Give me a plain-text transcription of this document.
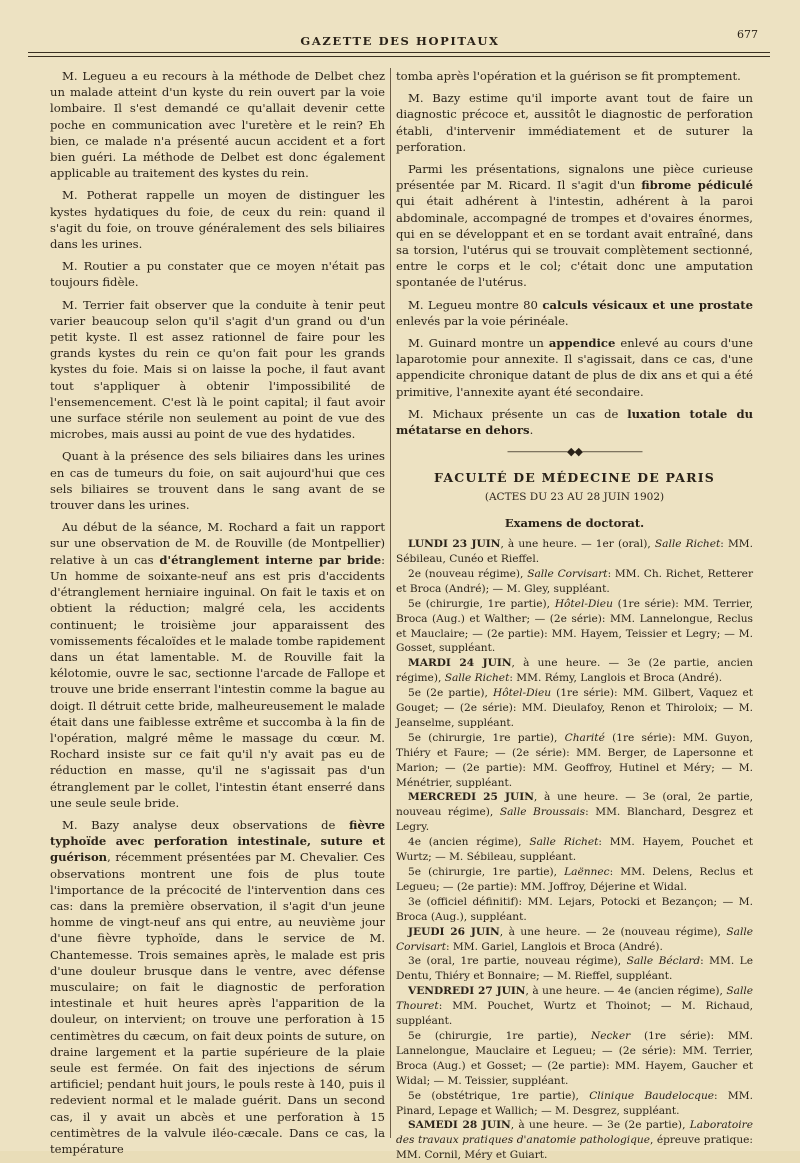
GAZETTE DES HOPITAUX	677

M. Legueu a eu recours à la méthode de Delbet chez un malade atteint d'un kyste du rein ouvert par la voie lombaire. Il s'est demandé ce qu'allait devenir cette poche en communication avec l'uretère et le rein? Eh bien, ce malade n'a présenté aucun accident et a fort bien guéri. La méthode de Delbet est donc également applicable au traitement des kystes du rein.

M. Potherat rappelle un moyen de distinguer les kystes hydatiques du foie, de ceux du rein: quand il s'agit du foie, on trouve généralement des sels biliaires dans les urines.

M. Routier a pu constater que ce moyen n'était pas toujours fidèle.

M. Terrier fait observer que la conduite à tenir peut varier beaucoup selon qu'il s'agit d'un grand ou d'un petit kyste. Il est assez rationnel de faire pour les grands kystes du rein ce qu'on fait pour les grands kystes du foie. Mais si on laisse la poche, il faut avant tout s'appliquer à obtenir l'impossibilité de l'ensemencement. C'est là le point capital; il faut avoir une surface stérile non seulement au point de vue des microbes, mais aussi au point de vue des hydatides.

Quant à la présence des sels biliaires dans les urines en cas de tumeurs du foie, on sait aujourd'hui que ces sels biliaires se trouvent dans le sang avant de se trouver dans les urines.

Au début de la séance, M. Rochard a fait un rapport sur une observation de M. de Rouville (de Montpellier) relative à un cas d'étranglement interne par bride: Un homme de soixante-neuf ans est pris d'accidents d'étranglement herniaire inguinal. On fait le taxis et on obtient la réduction; malgré cela, les accidents continuent; le troisième jour apparaissent des vomissements fécaloïdes et le malade tombe rapidement dans un état lamentable. M. de Rouville fait la kélotomie, ouvre le sac, sectionne l'arcade de Fallope et trouve une bride enserrant l'intestin comme la bague au doigt. Il détruit cette bride, malheureusement le malade était dans une faiblesse extrême et succomba à la fin de l'opération, malgré même le massage du cœur. M. Rochard insiste sur ce fait qu'il n'y avait pas eu de réduction en masse, qu'il ne s'agissait pas d'un étranglement par le collet, l'intestin étant enserré dans une seule seule bride.

M. Bazy analyse deux observations de fièvre typhoïde avec perforation intestinale, suture et guérison, récemment présentées par M. Chevalier. Ces observations montrent une fois de plus toute l'importance de la précocité de l'intervention dans ces cas: dans la première observation, il s'agit d'un jeune homme de vingt-neuf ans qui entre, au neuvième jour d'une fièvre typhoïde, dans le service de M. Chantemesse. Trois semaines après, le malade est pris d'une douleur brusque dans le ventre, avec défense musculaire; on fait le diagnostic de perforation intestinale et huit heures après l'apparition de la douleur, on intervient; on trouve une perforation à 15 centimètres du cæcum, on fait deux points de suture, on draine largement et la partie supérieure de la plaie seule est fermée. On fait des injections de sérum artificiel; pendant huit jours, le pouls reste à 140, puis il redevient normal et le malade guérit. Dans un second cas, il y avait un abcès et une perforation à 15 centimètres de la valvule iléo-cæcale. Dans ce cas, la température

tomba après l'opération et la guérison se fit promptement.

M. Bazy estime qu'il importe avant tout de faire un diagnostic précoce et, aussitôt le diagnostic de perforation établi, d'intervenir immédiatement et de suturer la perforation.

Parmi les présentations, signalons une pièce curieuse présentée par M. Ricard. Il s'agit d'un fibrome pédiculé qui était adhérent à l'intestin, adhérent à la paroi abdominale, accompagné de trompes et d'ovaires énormes, qui en se développant et en se tordant avait entraîné, dans sa torsion, l'utérus qui se trouvait complètement sectionné, entre le corps et le col; c'était donc une amputation spontanée de l'utérus.

M. Legueu montre 80 calculs vésicaux et une prostate enlevés par la voie périnéale.

M. Guinard montre un appendice enlevé au cours d'une laparotomie pour annexite. Il s'agissait, dans ce cas, d'une appendicite chronique datant de plus de dix ans et qui a été primitive, l'annexite ayant été secondaire.

M. Michaux présente un cas de luxation totale du métatarse en dehors.

——————◆◆——————
FACULTÉ DE MÉDECINE DE PARIS
(ACTES DU 23 AU 28 JUIN 1902)
Examens de doctorat.

LUNDI 23 JUIN, à une heure. — 1er (oral), Salle Richet: MM. Sébileau, Cunéo et Rieffel.

2e (nouveau régime), Salle Corvisart: MM. Ch. Richet, Retterer et Broca (André); — M. Gley, suppléant.

5e (chirurgie, 1re partie), Hôtel-Dieu (1re série): MM. Terrier, Broca (Aug.) et Walther; — (2e série): MM. Lannelongue, Reclus et Mauclaire; — (2e partie): MM. Hayem, Teissier et Legry; — M. Gosset, suppléant.

MARDI 24 JUIN, à une heure. — 3e (2e partie, ancien régime), Salle Richet: MM. Rémy, Langlois et Broca (André).

5e (2e partie), Hôtel-Dieu (1re série): MM. Gilbert, Vaquez et Gouget; — (2e série): MM. Dieulafoy, Renon et Thiroloix; — M. Jeanselme, suppléant.

5e (chirurgie, 1re partie), Charité (1re série): MM. Guyon, Thiéry et Faure; — (2e série): MM. Berger, de Lapersonne et Marion; — (2e partie): MM. Geoffroy, Hutinel et Méry; — M. Ménétrier, suppléant.

MERCREDI 25 JUIN, à une heure. — 3e (oral, 2e partie, nouveau régime), Salle Broussais: MM. Blanchard, Desgrez et Legry.

4e (ancien régime), Salle Richet: MM. Hayem, Pouchet et Wurtz; — M. Sébileau, suppléant.

5e (chirurgie, 1re partie), Laënnec: MM. Delens, Reclus et Legueu; — (2e partie): MM. Joffroy, Déjerine et Widal.

3e (officiel définitif): MM. Lejars, Potocki et Bezançon; — M. Broca (Aug.), suppléant.

JEUDI 26 JUIN, à une heure. — 2e (nouveau régime), Salle Corvisart: MM. Gariel, Langlois et Broca (André).

3e (oral, 1re partie, nouveau régime), Salle Béclard: MM. Le Dentu, Thiéry et Bonnaire; — M. Rieffel, suppléant.

VENDREDI 27 JUIN, à une heure. — 4e (ancien régime), Salle Thouret: MM. Pouchet, Wurtz et Thoinot; — M. Richaud, suppléant.

5e (chirurgie, 1re partie), Necker (1re série): MM. Lannelongue, Mauclaire et Legueu; — (2e série): MM. Terrier, Broca (Aug.) et Gosset; — (2e partie): MM. Hayem, Gaucher et Widal; — M. Teissier, suppléant.

5e (obstétrique, 1re partie), Clinique Baudelocque: MM. Pinard, Lepage et Wallich; — M. Desgrez, suppléant.

SAMEDI 28 JUIN, à une heure. — 3e (2e partie), Laboratoire des travaux pratiques d'anatomie pathologique, épreuve pratique: MM. Cornil, Méry et Guiart.
